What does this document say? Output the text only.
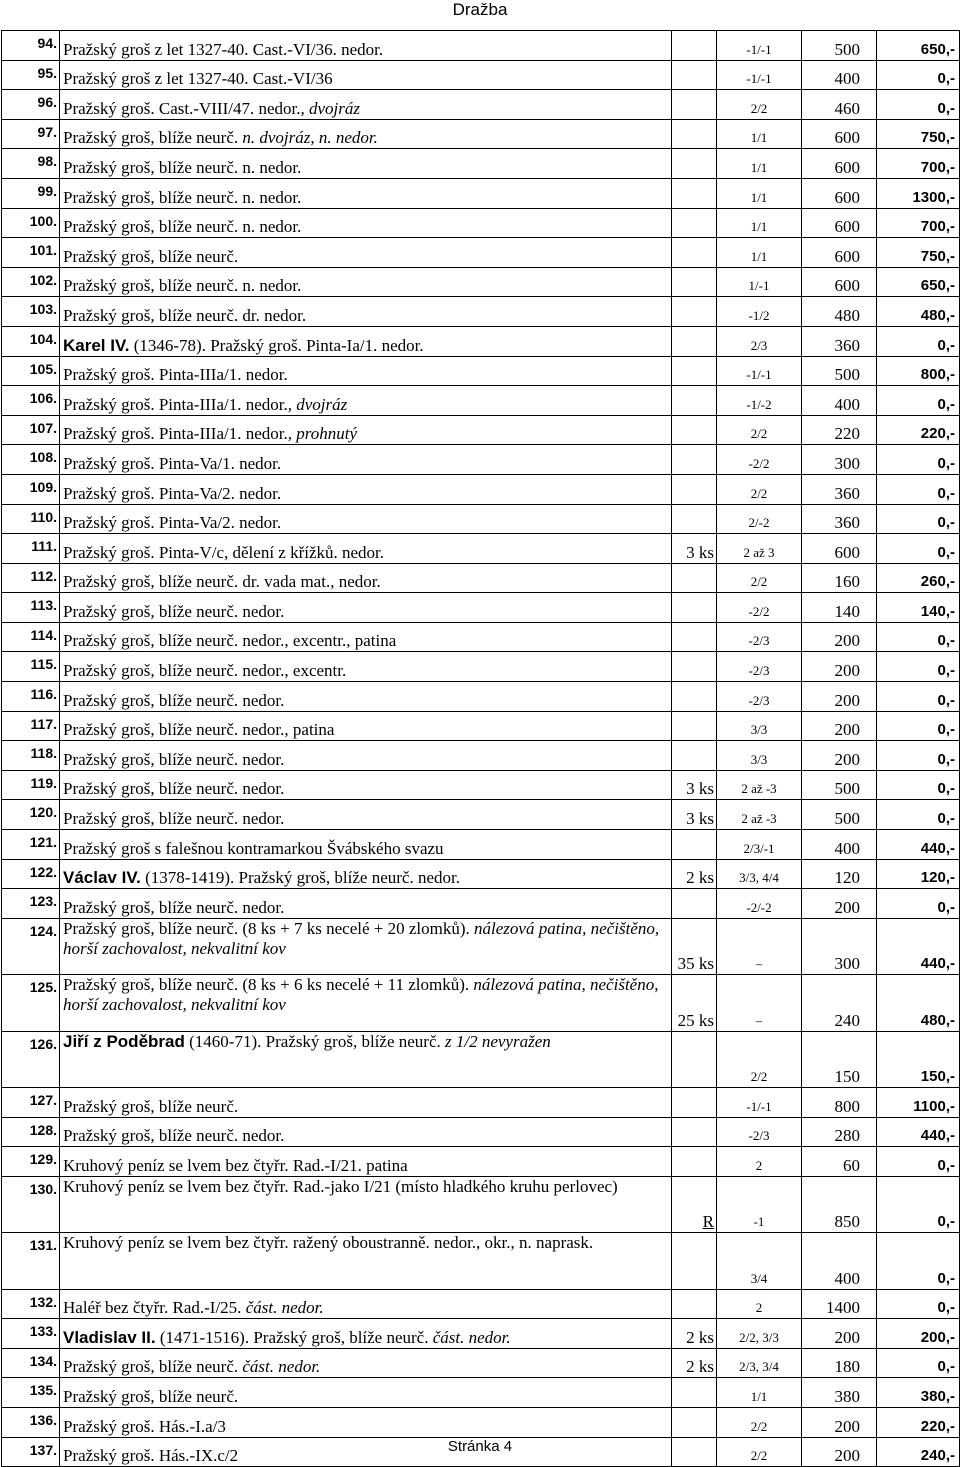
Dražba
94.	Pražský groš z let 1327-40. Cast.-VI/36. nedor.		-1/-1	500	650,-
95.	Pražský groš z let 1327-40. Cast.-VI/36		-1/-1	400	0,-
96.	Pražský groš. Cast.-VIII/47. nedor., dvojráz		2/2	460	0,-
97.	Pražský groš, blíže neurč. n. dvojráz, n. nedor.		1/1	600	750,-
98.	Pražský groš, blíže neurč. n. nedor.		1/1	600	700,-
99.	Pražský groš, blíže neurč. n. nedor.		1/1	600	1300,-
100.	Pražský groš, blíže neurč. n. nedor.		1/1	600	700,-
101.	Pražský groš, blíže neurč.		1/1	600	750,-
102.	Pražský groš, blíže neurč. n. nedor.		1/-1	600	650,-
103.	Pražský groš, blíže neurč. dr. nedor.		-1/2	480	480,-
104.	Karel IV. (1346-78). Pražský groš. Pinta-Ia/1. nedor.		2/3	360	0,-
105.	Pražský groš. Pinta-IIIa/1. nedor.		-1/-1	500	800,-
106.	Pražský groš. Pinta-IIIa/1. nedor., dvojráz		-1/-2	400	0,-
107.	Pražský groš. Pinta-IIIa/1. nedor., prohnutý		2/2	220	220,-
108.	Pražský groš. Pinta-Va/1. nedor.		-2/2	300	0,-
109.	Pražský groš. Pinta-Va/2. nedor.		2/2	360	0,-
110.	Pražský groš. Pinta-Va/2. nedor.		2/-2	360	0,-
111.	Pražský groš. Pinta-V/c, dělení z křížků. nedor.	3 ks	2 až 3	600	0,-
112.	Pražský groš, blíže neurč. dr. vada mat., nedor.		2/2	160	260,-
113.	Pražský groš, blíže neurč. nedor.		-2/2	140	140,-
114.	Pražský groš, blíže neurč. nedor., excentr., patina		-2/3	200	0,-
115.	Pražský groš, blíže neurč. nedor., excentr.		-2/3	200	0,-
116.	Pražský groš, blíže neurč. nedor.		-2/3	200	0,-
117.	Pražský groš, blíže neurč. nedor., patina		3/3	200	0,-
118.	Pražský groš, blíže neurč. nedor.		3/3	200	0,-
119.	Pražský groš, blíže neurč. nedor.	3 ks	2 až -3	500	0,-
120.	Pražský groš, blíže neurč. nedor.	3 ks	2 až -3	500	0,-
121.	Pražský groš s falešnou kontramarkou Švábského svazu		2/3/-1	400	440,-
122.	Václav IV. (1378-1419). Pražský groš, blíže neurč. nedor.	2 ks	3/3, 4/4	120	120,-
123.	Pražský groš, blíže neurč. nedor.		-2/-2	200	0,-
124.	Pražský groš, blíže neurč. (8 ks + 7 ks necelé + 20 zlomků). nálezová patina, nečištěno, horší zachovalost, nekvalitní kov	35 ks	–	300	440,-
125.	Pražský groš, blíže neurč. (8 ks + 6 ks necelé + 11 zlomků). nálezová patina, nečištěno, horší zachovalost, nekvalitní kov	25 ks	–	240	480,-
126.	Jiří z Poděbrad (1460-71). Pražský groš, blíže neurč. z 1/2 nevyražen		2/2	150	150,-
127.	Pražský groš, blíže neurč.		-1/-1	800	1100,-
128.	Pražský groš, blíže neurč. nedor.		-2/3	280	440,-
129.	Kruhový peníz se lvem bez čtyřr. Rad.-I/21. patina		2	60	0,-
130.	Kruhový peníz se lvem bez čtyřr. Rad.-jako I/21 (místo hladkého kruhu perlovec)	R	-1	850	0,-
131.	Kruhový peníz se lvem bez čtyřr. ražený oboustranně. nedor., okr., n. naprask.		3/4	400	0,-
132.	Haléř bez čtyřr. Rad.-I/25. část. nedor.		2	1400	0,-
133.	Vladislav II. (1471-1516). Pražský groš, blíže neurč. část. nedor.	2 ks	2/2, 3/3	200	200,-
134.	Pražský groš, blíže neurč. část. nedor.	2 ks	2/3, 3/4	180	0,-
135.	Pražský groš, blíže neurč.		1/1	380	380,-
136.	Pražský groš. Hás.-I.a/3		2/2	200	220,-
137.	Pražský groš. Hás.-IX.c/2		2/2	200	240,-
Stránka 4
